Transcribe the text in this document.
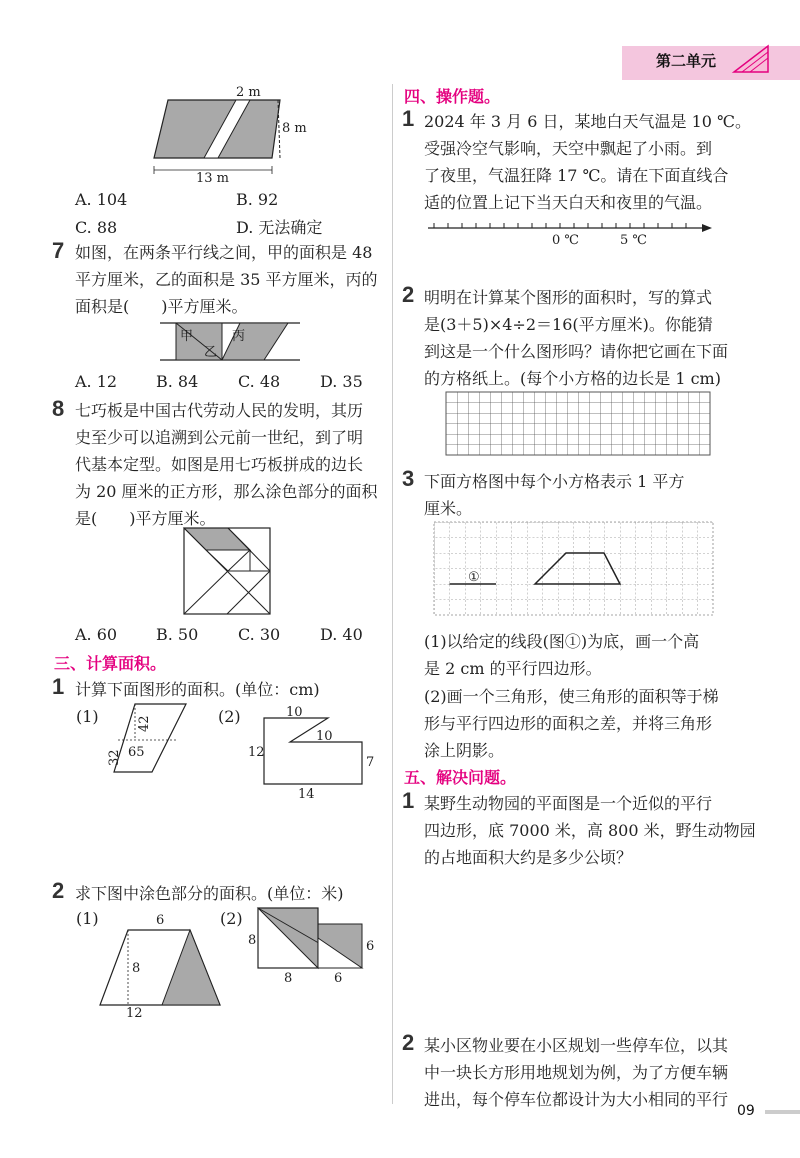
第二单元
2 m
8 m
13 m
A. 104	B. 92
C. 88	D. 无法确定
7 如图，在两条平行线之间，甲的面积是 48
平方厘米，乙的面积是 35 平方厘米，丙的
面积是(　　)平方厘米。
甲
乙
丙
A. 12 B. 84 C. 48 D. 35
8 七巧板是中国古代劳动人民的发明，其历
史至少可以追溯到公元前一世纪，到了明
代基本定型。如图是用七巧板拼成的边长
为 20 厘米的正方形，那么涂色部分的面积
是(　　)平方厘米。
A. 60 B. 50 C. 30 D. 40
三、计算面积。
1 计算下面图形的面积。(单位：cm)
(1)	(2)
42
65
32
10
10
12
7
14
2 求下图中涂色部分的面积。(单位：米)
(1)	(2)
6
8
12
8	6
8	6
四、操作题。
1 2024 年 3 月 6 日，某地白天气温是 10 ℃。
受强冷空气影响，天空中飘起了小雨。到
了夜里，气温狂降 17 ℃。请在下面直线合
适的位置上记下当天白天和夜里的气温。
0 ℃	5 ℃
2 明明在计算某个图形的面积时，写的算式
是(3＋5)×4÷2＝16(平方厘米)。你能猜
到这是一个什么图形吗？请你把它画在下面
的方格纸上。(每个小方格的边长是 1 cm)
3 下面方格图中每个小方格表示 1 平方
厘米。
①
(1)以给定的线段(图①)为底，画一个高
是 2 cm 的平行四边形。
(2)画一个三角形，使三角形的面积等于梯
形与平行四边形的面积之差，并将三角形
涂上阴影。
五、解决问题。
1 某野生动物园的平面图是一个近似的平行
四边形，底 7000 米，高 800 米，野生动物园
的占地面积大约是多少公顷？
2 某小区物业要在小区规划一些停车位，以其
中一块长方形用地规划为例，为了方便车辆
进出，每个停车位都设计为大小相同的平行
09
